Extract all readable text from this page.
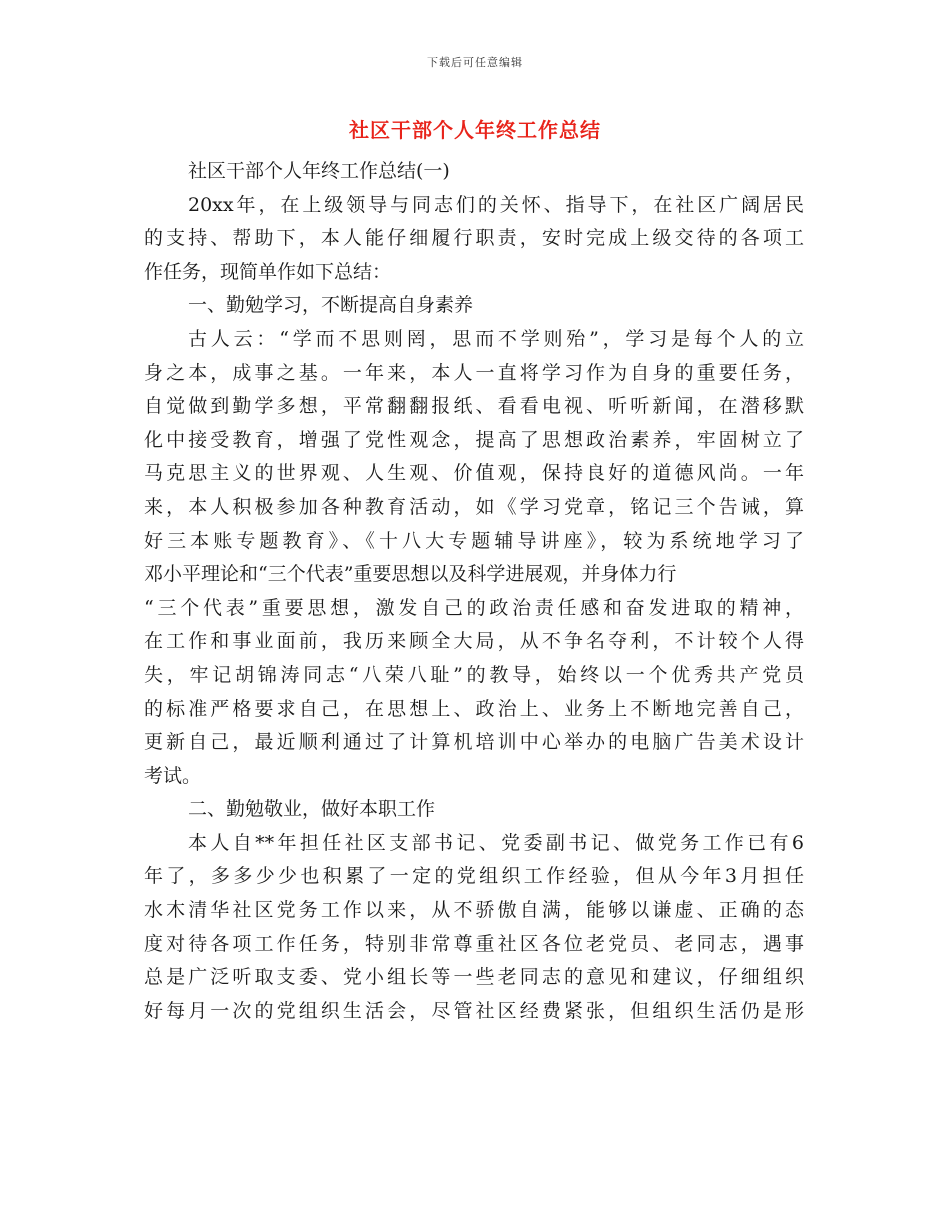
下载后可任意编辑
社区干部个人年终工作总结
社区干部个人年终工作总结(一)
20xx年，在上级领导与同志们的关怀、指导下，在社区广阔居民
的支持、帮助下，本人能仔细履行职责，安时完成上级交待的各项工
作任务，现简单作如下总结：
一、勤勉学习，不断提高自身素养
古人云：“学而不思则罔，思而不学则殆”，学习是每个人的立
身之本，成事之基。一年来，本人一直将学习作为自身的重要任务，
自觉做到勤学多想，平常翻翻报纸、看看电视、听听新闻，在潜移默
化中接受教育，增强了党性观念，提高了思想政治素养，牢固树立了
马克思主义的世界观、人生观、价值观，保持良好的道德风尚。一年
来，本人积极参加各种教育活动，如《学习党章，铭记三个告诫，算
好三本账专题教育》、《十八大专题辅导讲座》，较为系统地学习了
邓小平理论和“三个代表”重要思想以及科学进展观，并身体力行
“三个代表”重要思想，激发自己的政治责任感和奋发进取的精神，
在工作和事业面前，我历来顾全大局，从不争名夺利，不计较个人得
失，牢记胡锦涛同志“八荣八耻”的教导，始终以一个优秀共产党员
的标准严格要求自己，在思想上、政治上、业务上不断地完善自己，
更新自己，最近顺利通过了计算机培训中心举办的电脑广告美术设计
考试。
二、勤勉敬业，做好本职工作
本人自**年担任社区支部书记、党委副书记、做党务工作已有6
年了，多多少少也积累了一定的党组织工作经验，但从今年3月担任
水木清华社区党务工作以来，从不骄傲自满，能够以谦虚、正确的态
度对待各项工作任务，特别非常尊重社区各位老党员、老同志，遇事
总是广泛听取支委、党小组长等一些老同志的意见和建议，仔细组织
好每月一次的党组织生活会，尽管社区经费紧张，但组织生活仍是形
